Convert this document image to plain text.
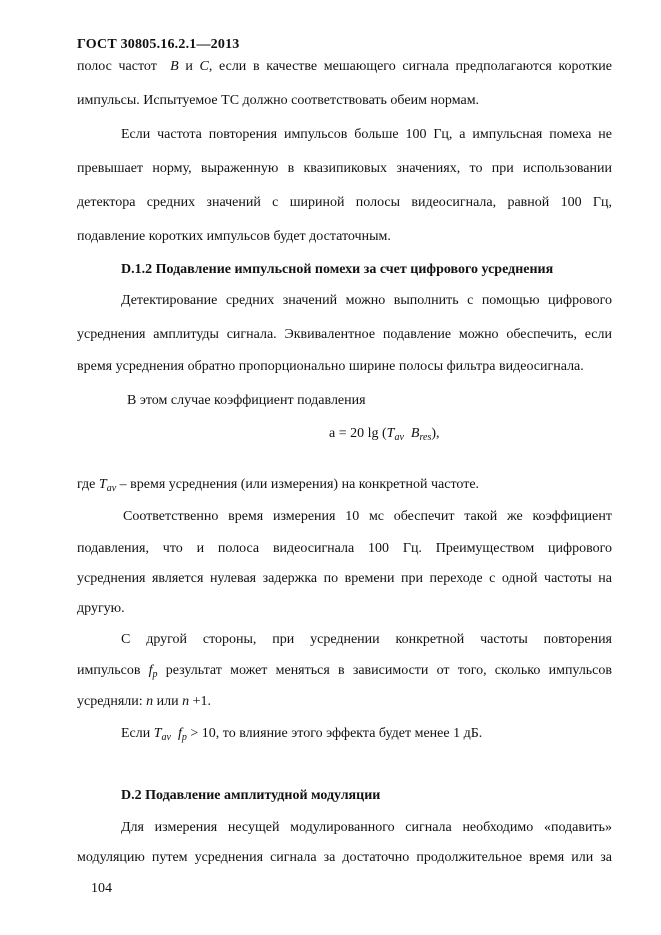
ГОСТ 30805.16.2.1—2013
полос частот B и C, если в качестве мешающего сигнала предполагаются короткие
импульсы. Испытуемое ТС должно соответствовать обеим нормам.
Если частота повторения импульсов больше 100 Гц, а импульсная помеха не
превышает норму, выраженную в квазипиковых значениях, то при использовании
детектора средних значений с шириной полосы видеосигнала, равной 100 Гц,
подавление коротких импульсов будет достаточным.
D.1.2 Подавление импульсной помехи за счет цифрового усреднения
Детектирование средних значений можно выполнить с помощью цифрового
усреднения амплитуды сигнала. Эквивалентное подавление можно обеспечить, если
время усреднения обратно пропорционально ширине полосы фильтра видеосигнала.
В этом случае коэффициент подавления
a = 20 $\lg (T_{av}$ $B_{res}$),
где $T_{av}$ – время усреднения (или измерения) на конкретной частоте.
Соответственно время измерения 10 мс обеспечит такой же коэффициент
подавления, что и полоса видеосигнала 100 Гц. Преимуществом цифрового
усреднения является нулевая задержка по времени при переходе с одной частоты на
другую.
С другой стороны, при усреднении конкретной частоты повторения
импульсов $f_p$ результат может меняться в зависимости от того, сколько импульсов
усредняли: n или n +1.
Если $T_{av}$ $f_p > 10$, то влияние этого эффекта будет менее 1 дБ.
D.2 Подавление амплитудной модуляции
Для измерения несущей модулированного сигнала необходимо «подавить»
модуляцию путем усреднения сигнала за достаточно продолжительное время или за
104
